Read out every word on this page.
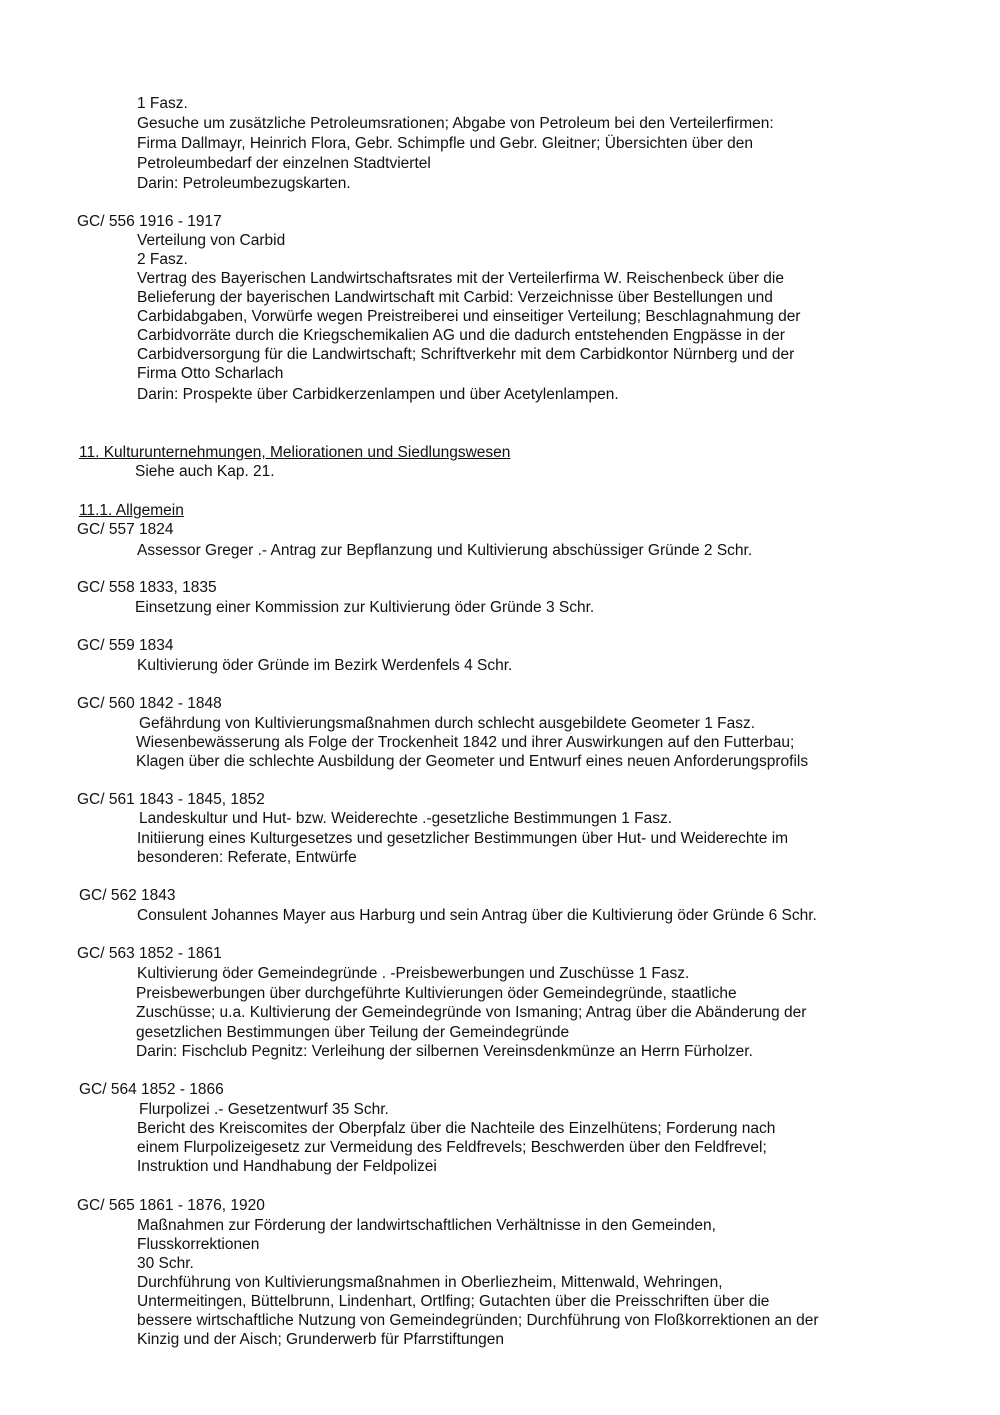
1 Fasz.
Gesuche um zusätzliche Petroleumsrationen; Abgabe von Petroleum bei den Verteilerfirmen:
Firma Dallmayr, Heinrich Flora, Gebr. Schimpfle und Gebr. Gleitner; Übersichten über den
Petroleumbedarf der einzelnen Stadtviertel
Darin: Petroleumbezugskarten.
GC/ 556 1916 - 1917
Verteilung von Carbid
2 Fasz.
Vertrag des Bayerischen Landwirtschaftsrates mit der Verteilerfirma W. Reischenbeck über die
Belieferung der bayerischen Landwirtschaft mit Carbid: Verzeichnisse über Bestellungen und
Carbidabgaben, Vorwürfe wegen Preistreiberei und einseitiger Verteilung; Beschlagnahmung der
Carbidvorräte durch die Kriegschemikalien AG und die dadurch entstehenden Engpässe in der
Carbidversorgung für die Landwirtschaft; Schriftverkehr mit dem Carbidkontor Nürnberg und der
Firma Otto Scharlach
Darin: Prospekte über Carbidkerzenlampen und über Acetylenlampen.
11. Kulturunternehmungen, Meliorationen und Siedlungswesen
Siehe auch Kap. 21.
11.1. Allgemein
GC/ 557 1824
Assessor Greger .- Antrag zur Bepflanzung und Kultivierung abschüssiger Gründe 2 Schr.
GC/ 558 1833, 1835
Einsetzung einer Kommission zur Kultivierung öder Gründe 3 Schr.
GC/ 559 1834
Kultivierung öder Gründe im Bezirk Werdenfels 4 Schr.
GC/ 560 1842 - 1848
Gefährdung von Kultivierungsmaßnahmen durch schlecht ausgebildete Geometer 1 Fasz.
Wiesenbewässerung als Folge der Trockenheit 1842 und ihrer Auswirkungen auf den Futterbau;
Klagen über die schlechte Ausbildung der Geometer und Entwurf eines neuen Anforderungsprofils
GC/ 561 1843 - 1845, 1852
Landeskultur und Hut- bzw. Weiderechte .-gesetzliche Bestimmungen 1 Fasz.
Initiierung eines Kulturgesetzes und gesetzlicher Bestimmungen über Hut- und Weiderechte im
besonderen: Referate, Entwürfe
GC/ 562 1843
Consulent Johannes Mayer aus Harburg und sein Antrag über die Kultivierung öder Gründe 6 Schr.
GC/ 563 1852 - 1861
Kultivierung öder Gemeindegründe . -Preisbewerbungen und Zuschüsse 1 Fasz.
Preisbewerbungen über durchgeführte Kultivierungen öder Gemeindegründe, staatliche
Zuschüsse; u.a. Kultivierung der Gemeindegründe von Ismaning; Antrag über die Abänderung der
gesetzlichen Bestimmungen über Teilung der Gemeindegründe
Darin: Fischclub Pegnitz: Verleihung der silbernen Vereinsdenkmünze an Herrn Fürholzer.
GC/ 564 1852 - 1866
Flurpolizei .- Gesetzentwurf 35 Schr.
Bericht des Kreiscomites der Oberpfalz über die Nachteile des Einzelhütens; Forderung nach
einem Flurpolizeigesetz zur Vermeidung des Feldfrevels; Beschwerden über den Feldfrevel;
Instruktion und Handhabung der Feldpolizei
GC/ 565 1861 - 1876, 1920
Maßnahmen zur Förderung der landwirtschaftlichen Verhältnisse in den Gemeinden,
Flusskorrektionen
30 Schr.
Durchführung von Kultivierungsmaßnahmen in Oberliezheim, Mittenwald, Wehringen,
Untermeitingen, Büttelbrunn, Lindenhart, Ortlfing; Gutachten über die Preisschriften über die
bessere wirtschaftliche Nutzung von Gemeindegründen; Durchführung von Floßkorrektionen an der
Kinzig und der Aisch; Grunderwerb für Pfarrstiftungen
